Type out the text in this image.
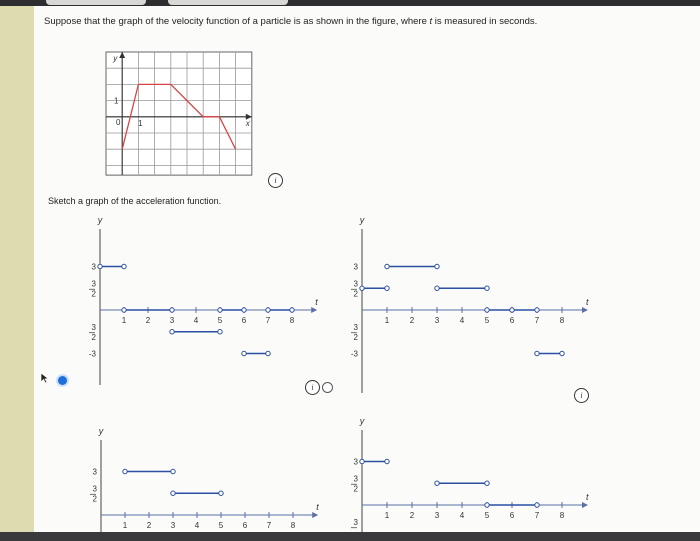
Suppose that the graph of the velocity function of a particle is as shown in the figure, where t is measured in seconds.
y
x
1
0 1
i
Sketch a graph of the acceleration function.
y
t
1 2 3 4 5 6 7 8
3
3
2
3
2
-3
y
t
1	2	3	4	5	6	7	8
3
3
2
3
2
-3
y
t
1 2 3 4 5 6 7 8
3
3
2
y
t
1	2	3	4	5	6	7	8
3
3
2
3
i
i
